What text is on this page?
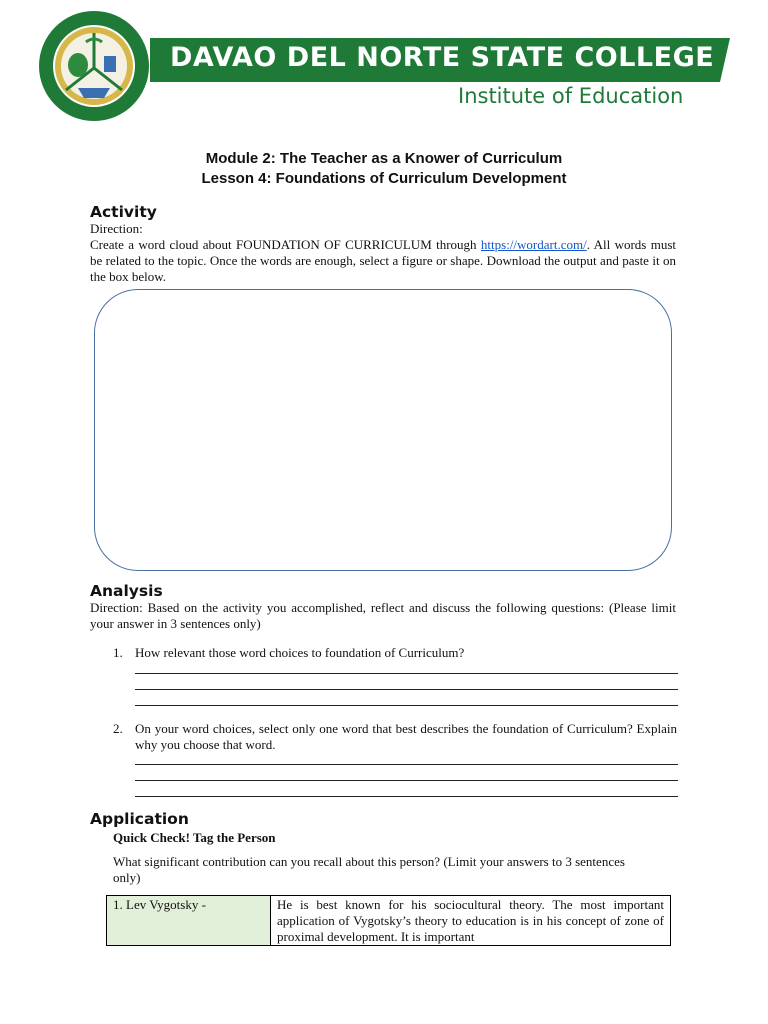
DAVAO DEL NORTE STATE COLLEGE
Institute of Education
Module 2: The Teacher as a Knower of Curriculum
Lesson 4: Foundations of Curriculum Development
Activity
Direction:
Create a word cloud about FOUNDATION OF CURRICULUM through https://wordart.com/. All words must be related to the topic. Once the words are enough, select a figure or shape. Download the output and paste it on the box below.
Analysis
Direction: Based on the activity you accomplished, reflect and discuss the following questions: (Please limit your answer in 3 sentences only)
1. How relevant those word choices to foundation of Curriculum?
2. On your word choices, select only one word that best describes the foundation of Curriculum? Explain why you choose that word.
Application
Quick Check! Tag the Person
What significant contribution can you recall about this person? (Limit your answers to 3 sentences only)
1. Lev Vygotsky -	He is best known for his sociocultural theory. The most important application of Vygotsky’s theory to education is in his concept of zone of proximal development. It is important
